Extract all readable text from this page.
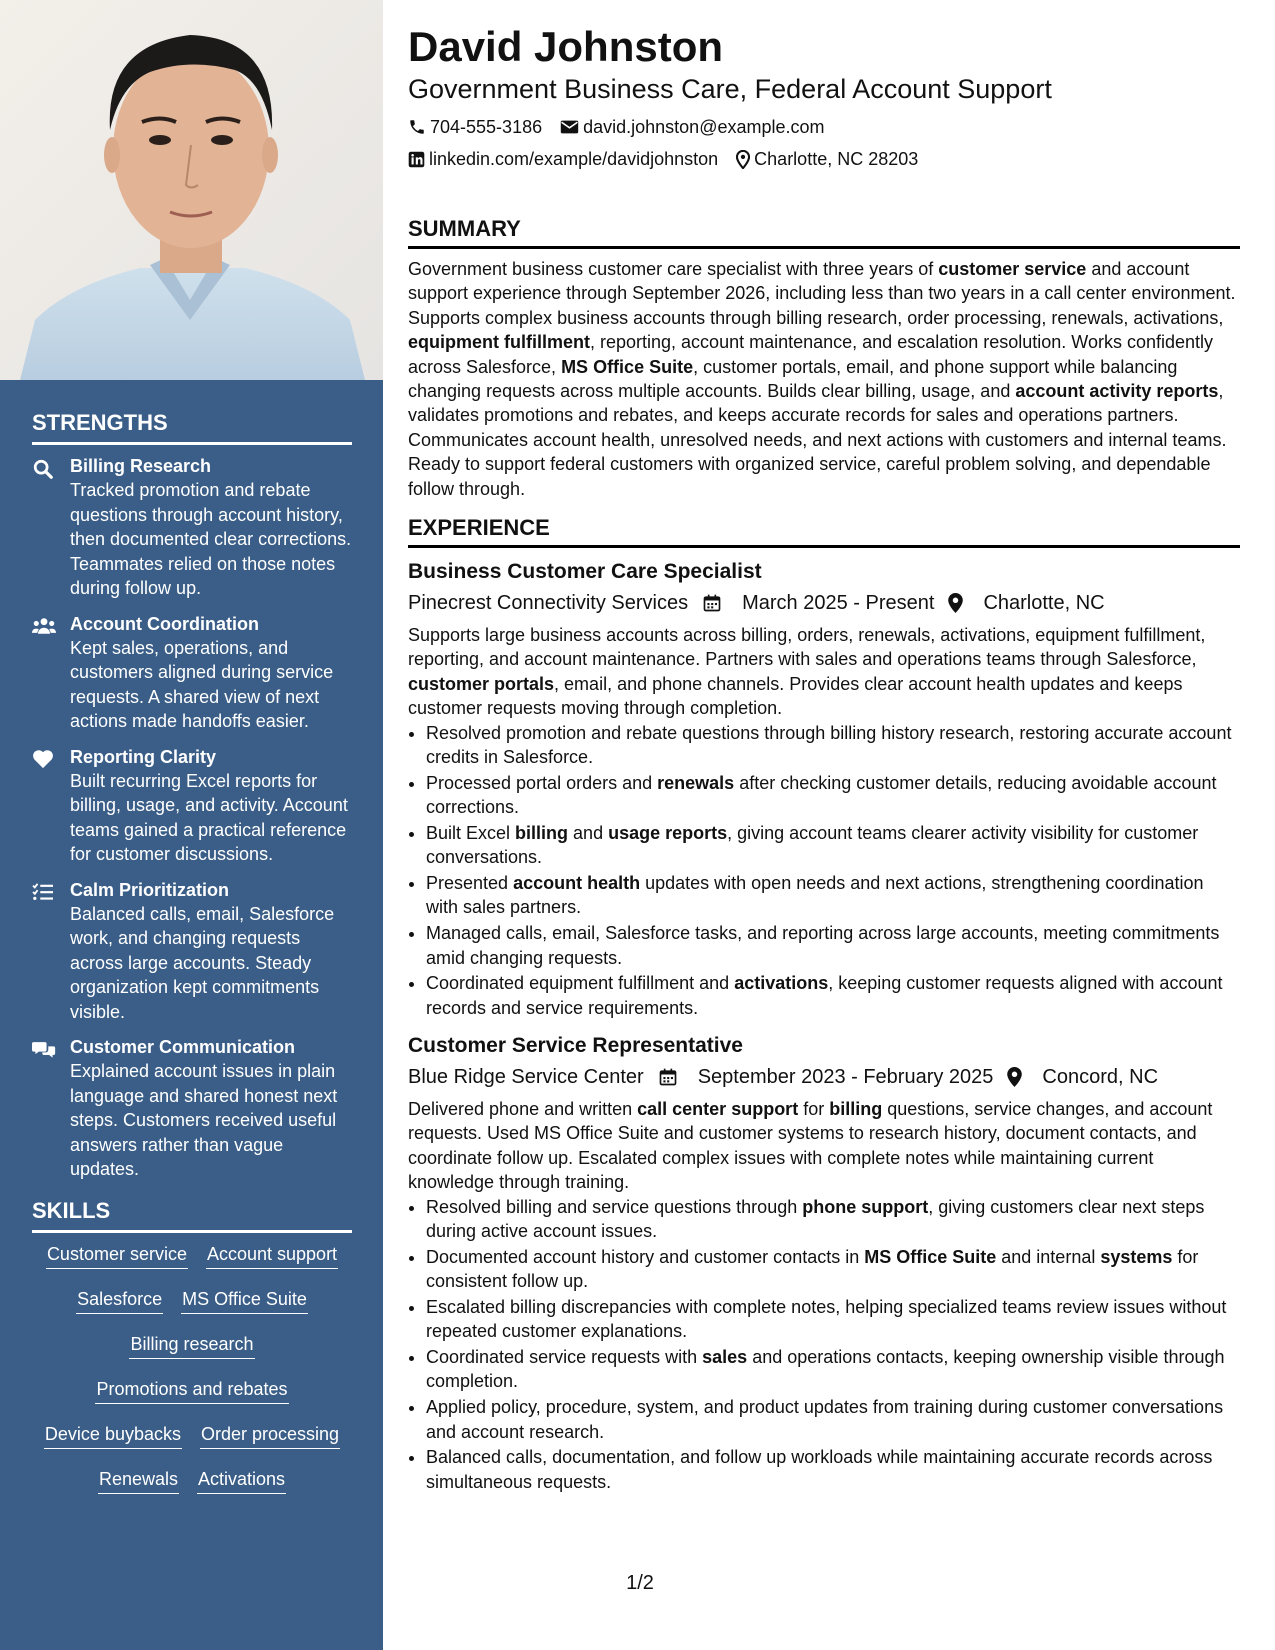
STRENGTHS
Billing Research
Tracked promotion and rebate questions through account history, then documented clear corrections. Teammates relied on those notes during follow up.
Account Coordination
Kept sales, operations, and customers aligned during service requests. A shared view of next actions made handoffs easier.
Reporting Clarity
Built recurring Excel reports for billing, usage, and activity. Account teams gained a practical reference for customer discussions.
Calm Prioritization
Balanced calls, email, Salesforce work, and changing requests across large accounts. Steady organization kept commitments visible.
Customer Communication
Explained account issues in plain language and shared honest next steps. Customers received useful answers rather than vague updates.
SKILLS
Customer service Account support
Salesforce MS Office Suite
Billing research
Promotions and rebates
Device buybacks Order processing
Renewals Activations
David Johnston
Government Business Care, Federal Account Support
704-555-3186 david.johnston@example.com
linkedin.com/example/davidjohnston Charlotte, NC 28203
SUMMARY

Government business customer care specialist with three years of customer service and account support experience through September 2026, including less than two years in a call center environment. Supports complex business accounts through billing research, order processing, renewals, activations, equipment fulfillment, reporting, account maintenance, and escalation resolution. Works confidently across Salesforce, MS Office Suite, customer portals, email, and phone support while balancing changing requests across multiple accounts. Builds clear billing, usage, and account activity reports, validates promotions and rebates, and keeps accurate records for sales and operations partners. Communicates account health, unresolved needs, and next actions with customers and internal teams. Ready to support federal customers with organized service, careful problem solving, and dependable follow through.

EXPERIENCE
Business Customer Care Specialist
Pinecrest Connectivity Services	March 2025 - Present Charlotte, NC

Supports large business accounts across billing, orders, renewals, activations, equipment fulfillment, reporting, and account maintenance. Partners with sales and operations teams through Salesforce, customer portals, email, and phone channels. Provides clear account health updates and keeps customer requests moving through completion.

• Resolved promotion and rebate questions through billing history research, restoring accurate account credits in Salesforce.
• Processed portal orders and renewals after checking customer details, reducing avoidable account corrections.
• Built Excel billing and usage reports, giving account teams clearer activity visibility for customer conversations.
• Presented account health updates with open needs and next actions, strengthening coordination with sales partners.
• Managed calls, email, Salesforce tasks, and reporting across large accounts, meeting commitments amid changing requests.
• Coordinated equipment fulfillment and activations, keeping customer requests aligned with account records and service requirements.
Customer Service Representative
Blue Ridge Service Center	September 2023 - February 2025 Concord, NC

Delivered phone and written call center support for billing questions, service changes, and account requests. Used MS Office Suite and customer systems to research history, document contacts, and coordinate follow up. Escalated complex issues with complete notes while maintaining current knowledge through training.

• Resolved billing and service questions through phone support, giving customers clear next steps during active account issues.
• Documented account history and customer contacts in MS Office Suite and internal systems for consistent follow up.
• Escalated billing discrepancies with complete notes, helping specialized teams review issues without repeated customer explanations.
• Coordinated service requests with sales and operations contacts, keeping ownership visible through completion.
• Applied policy, procedure, system, and product updates from training during customer conversations and account research.
• Balanced calls, documentation, and follow up workloads while maintaining accurate records across simultaneous requests.
1/2
